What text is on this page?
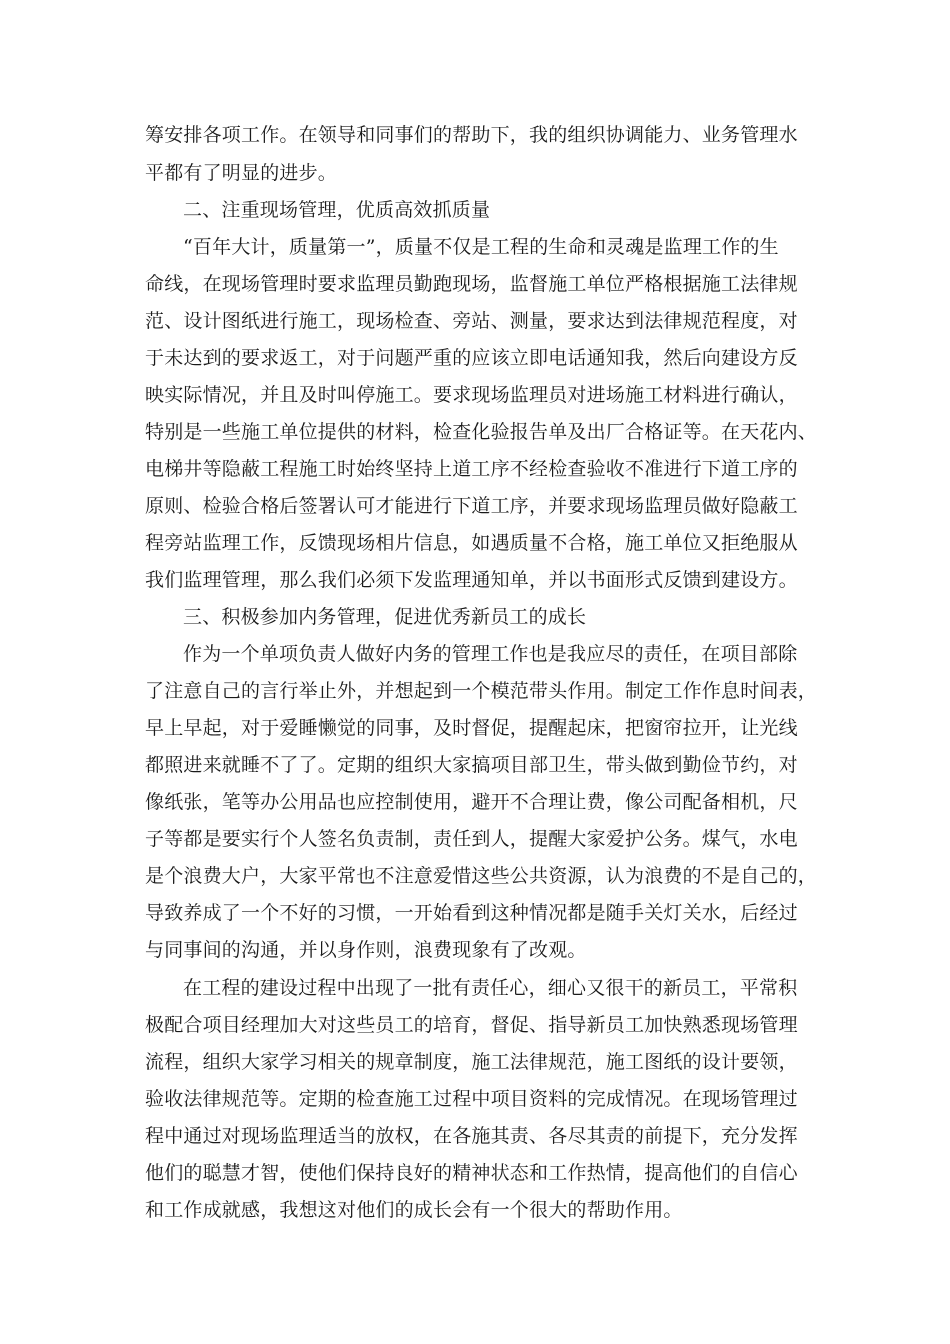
筹安排各项工作。在领导和同事们的帮助下，我的组织协调能力、业务管理水
平都有了明显的进步。
二、注重现场管理，优质高效抓质量
“百年大计，质量第一”，质量不仅是工程的生命和灵魂是监理工作的生
命线，在现场管理时要求监理员勤跑现场，监督施工单位严格根据施工法律规
范、设计图纸进行施工，现场检查、旁站、测量，要求达到法律规范程度，对
于未达到的要求返工，对于问题严重的应该立即电话通知我，然后向建设方反
映实际情况，并且及时叫停施工。要求现场监理员对进场施工材料进行确认，
特别是一些施工单位提供的材料，检查化验报告单及出厂合格证等。在天花内、
电梯井等隐蔽工程施工时始终坚持上道工序不经检查验收不准进行下道工序的
原则、检验合格后签署认可才能进行下道工序，并要求现场监理员做好隐蔽工
程旁站监理工作，反馈现场相片信息，如遇质量不合格，施工单位又拒绝服从
我们监理管理，那么我们必须下发监理通知单，并以书面形式反馈到建设方。
三、积极参加内务管理，促进优秀新员工的成长
作为一个单项负责人做好内务的管理工作也是我应尽的责任，在项目部除
了注意自己的言行举止外，并想起到一个模范带头作用。制定工作作息时间表，
早上早起，对于爱睡懒觉的同事，及时督促，提醒起床，把窗帘拉开，让光线
都照进来就睡不了了。定期的组织大家搞项目部卫生，带头做到勤俭节约，对
像纸张，笔等办公用品也应控制使用，避开不合理让费，像公司配备相机，尺
子等都是要实行个人签名负责制，责任到人，提醒大家爱护公务。煤气，水电
是个浪费大户，大家平常也不注意爱惜这些公共资源，认为浪费的不是自己的，
导致养成了一个不好的习惯，一开始看到这种情况都是随手关灯关水，后经过
与同事间的沟通，并以身作则，浪费现象有了改观。
在工程的建设过程中出现了一批有责任心，细心又很干的新员工，平常积
极配合项目经理加大对这些员工的培育，督促、指导新员工加快熟悉现场管理
流程，组织大家学习相关的规章制度，施工法律规范，施工图纸的设计要领，
验收法律规范等。定期的检查施工过程中项目资料的完成情况。在现场管理过
程中通过对现场监理适当的放权，在各施其责、各尽其责的前提下，充分发挥
他们的聪慧才智，使他们保持良好的精神状态和工作热情，提高他们的自信心
和工作成就感，我想这对他们的成长会有一个很大的帮助作用。
